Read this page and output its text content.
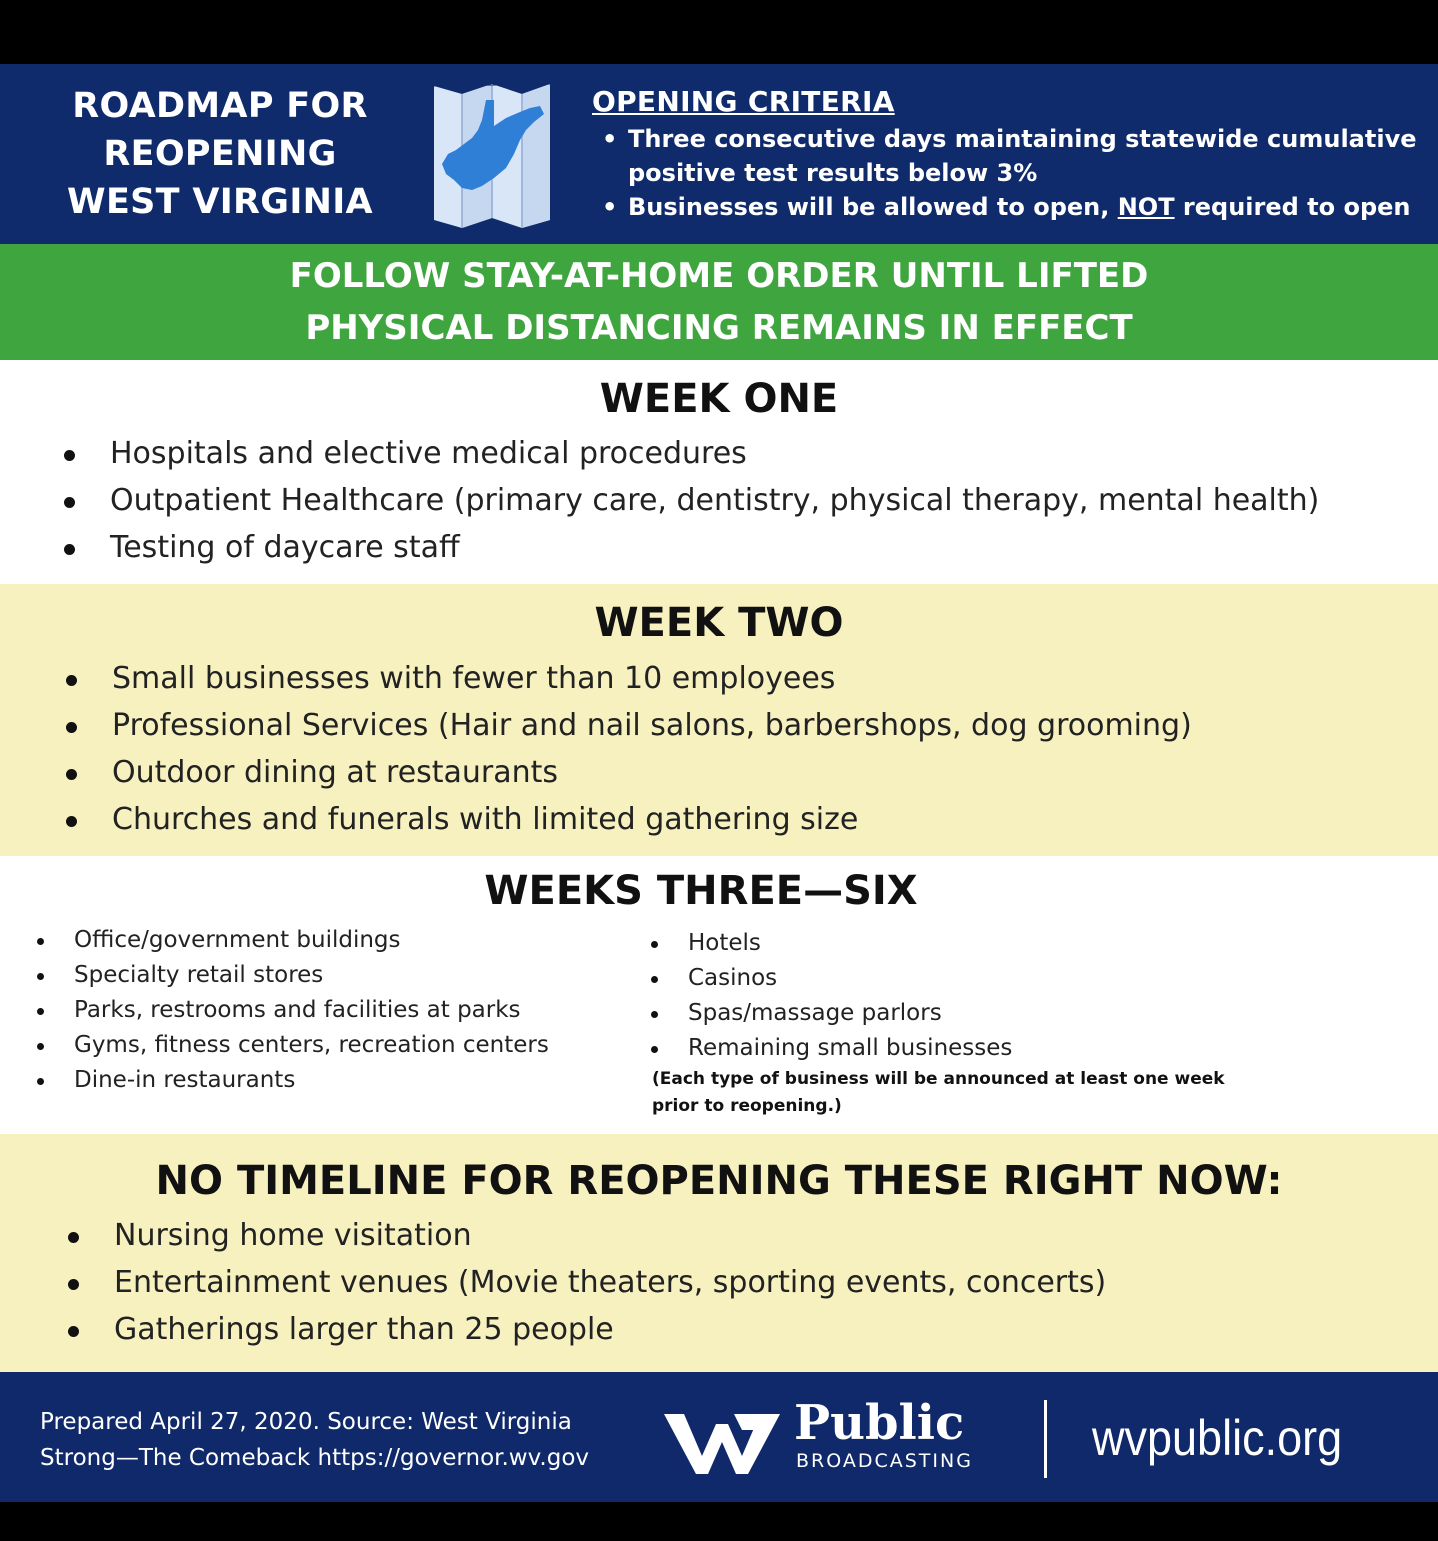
ROADMAP FOR
REOPENING
WEST VIRGINIA
OPENING CRITERIA
• Three consecutive days maintaining statewide cumulative
positive test results below 3%
• Businesses will be allowed to open, NOT required to open
FOLLOW STAY-AT-HOME ORDER UNTIL LIFTED
PHYSICAL DISTANCING REMAINS IN EFFECT
WEEK ONE
Hospitals and elective medical procedures
Outpatient Healthcare (primary care, dentistry, physical therapy, mental health)
Testing of daycare staff
WEEK TWO
Small businesses with fewer than 10 employees
Professional Services (Hair and nail salons, barbershops, dog grooming)
Outdoor dining at restaurants
Churches and funerals with limited gathering size
WEEKS THREE—SIX
Office/government buildings
Specialty retail stores
Parks, restrooms and facilities at parks
Gyms, fitness centers, recreation centers
Dine-in restaurants
Hotels
Casinos
Spas/massage parlors
Remaining small businesses
(Each type of business will be announced at least one week
prior to reopening.)
NO TIMELINE FOR REOPENING THESE RIGHT NOW:
Nursing home visitation
Entertainment venues (Movie theaters, sporting events, concerts)
Gatherings larger than 25 people
Prepared April 27, 2020. Source: West Virginia
Strong—The Comeback https://governor.wv.gov
Public
BROADCASTING wvpublic.org
